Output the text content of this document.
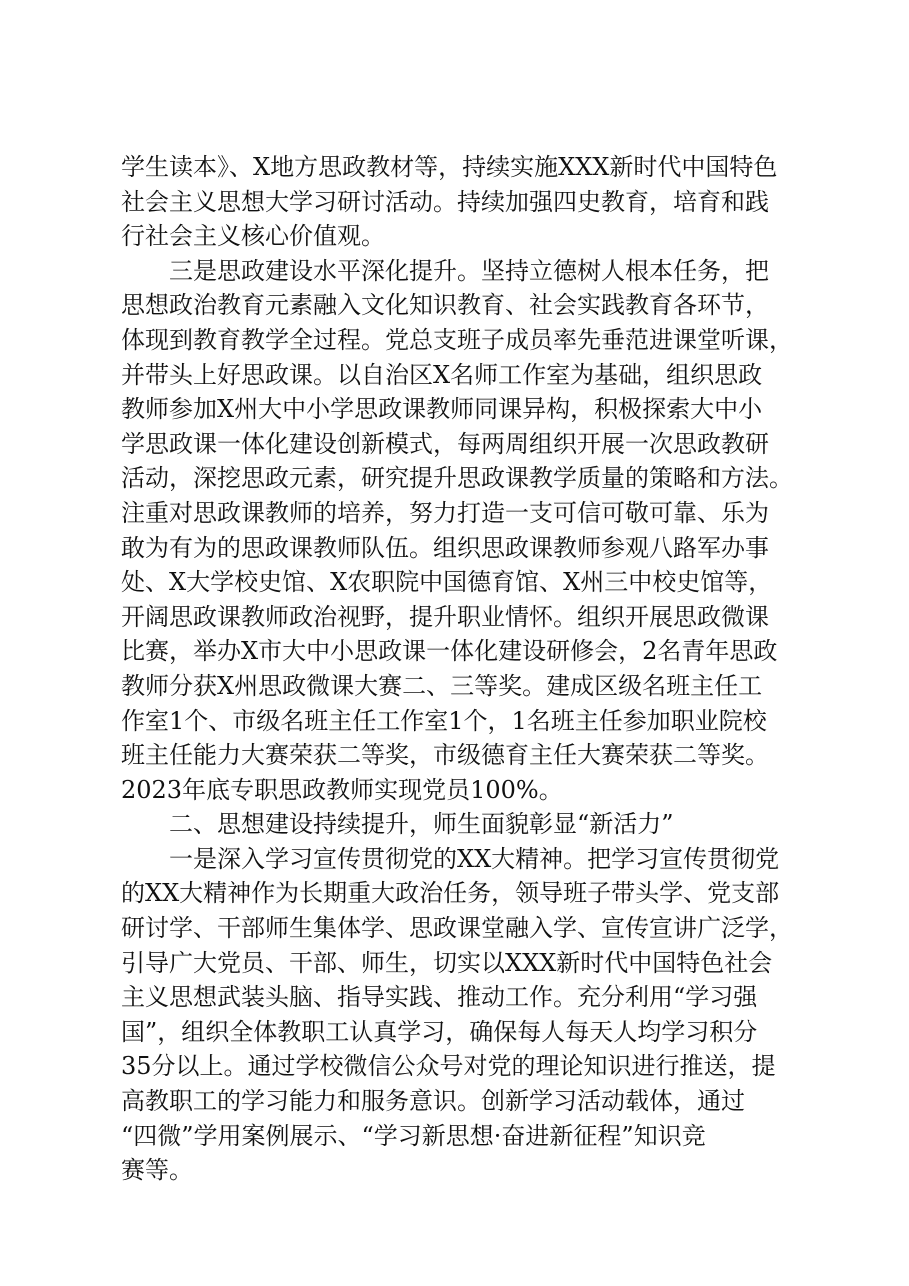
学生读本》、X地方思政教材等，持续实施XXX新时代中国特色
社会主义思想大学习研讨活动。持续加强四史教育，培育和践
行社会主义核心价值观。
三是思政建设水平深化提升。坚持立德树人根本任务，把
思想政治教育元素融入文化知识教育、社会实践教育各环节，
体现到教育教学全过程。党总支班子成员率先垂范进课堂听课，
并带头上好思政课。以自治区X名师工作室为基础，组织思政
教师参加X州大中小学思政课教师同课异构，积极探索大中小
学思政课一体化建设创新模式，每两周组织开展一次思政教研
活动，深挖思政元素，研究提升思政课教学质量的策略和方法。
注重对思政课教师的培养，努力打造一支可信可敬可靠、乐为
敢为有为的思政课教师队伍。组织思政课教师参观八路军办事
处、X大学校史馆、X农职院中国德育馆、X州三中校史馆等，
开阔思政课教师政治视野，提升职业情怀。组织开展思政微课
比赛，举办X市大中小思政课一体化建设研修会，2名青年思政
教师分获X州思政微课大赛二、三等奖。建成区级名班主任工
作室1个、市级名班主任工作室1个，1名班主任参加职业院校
班主任能力大赛荣获二等奖，市级德育主任大赛荣获二等奖。
2023年底专职思政教师实现党员100%。
二、思想建设持续提升，师生面貌彰显“新活力”
一是深入学习宣传贯彻党的XX大精神。把学习宣传贯彻党
的XX大精神作为长期重大政治任务，领导班子带头学、党支部
研讨学、干部师生集体学、思政课堂融入学、宣传宣讲广泛学，
引导广大党员、干部、师生，切实以XXX新时代中国特色社会
主义思想武装头脑、指导实践、推动工作。充分利用“学习强
国”，组织全体教职工认真学习，确保每人每天人均学习积分
35分以上。通过学校微信公众号对党的理论知识进行推送，提
高教职工的学习能力和服务意识。创新学习活动载体，通过
“四微”学用案例展示、“学习新思想·奋进新征程”知识竞
赛等。
